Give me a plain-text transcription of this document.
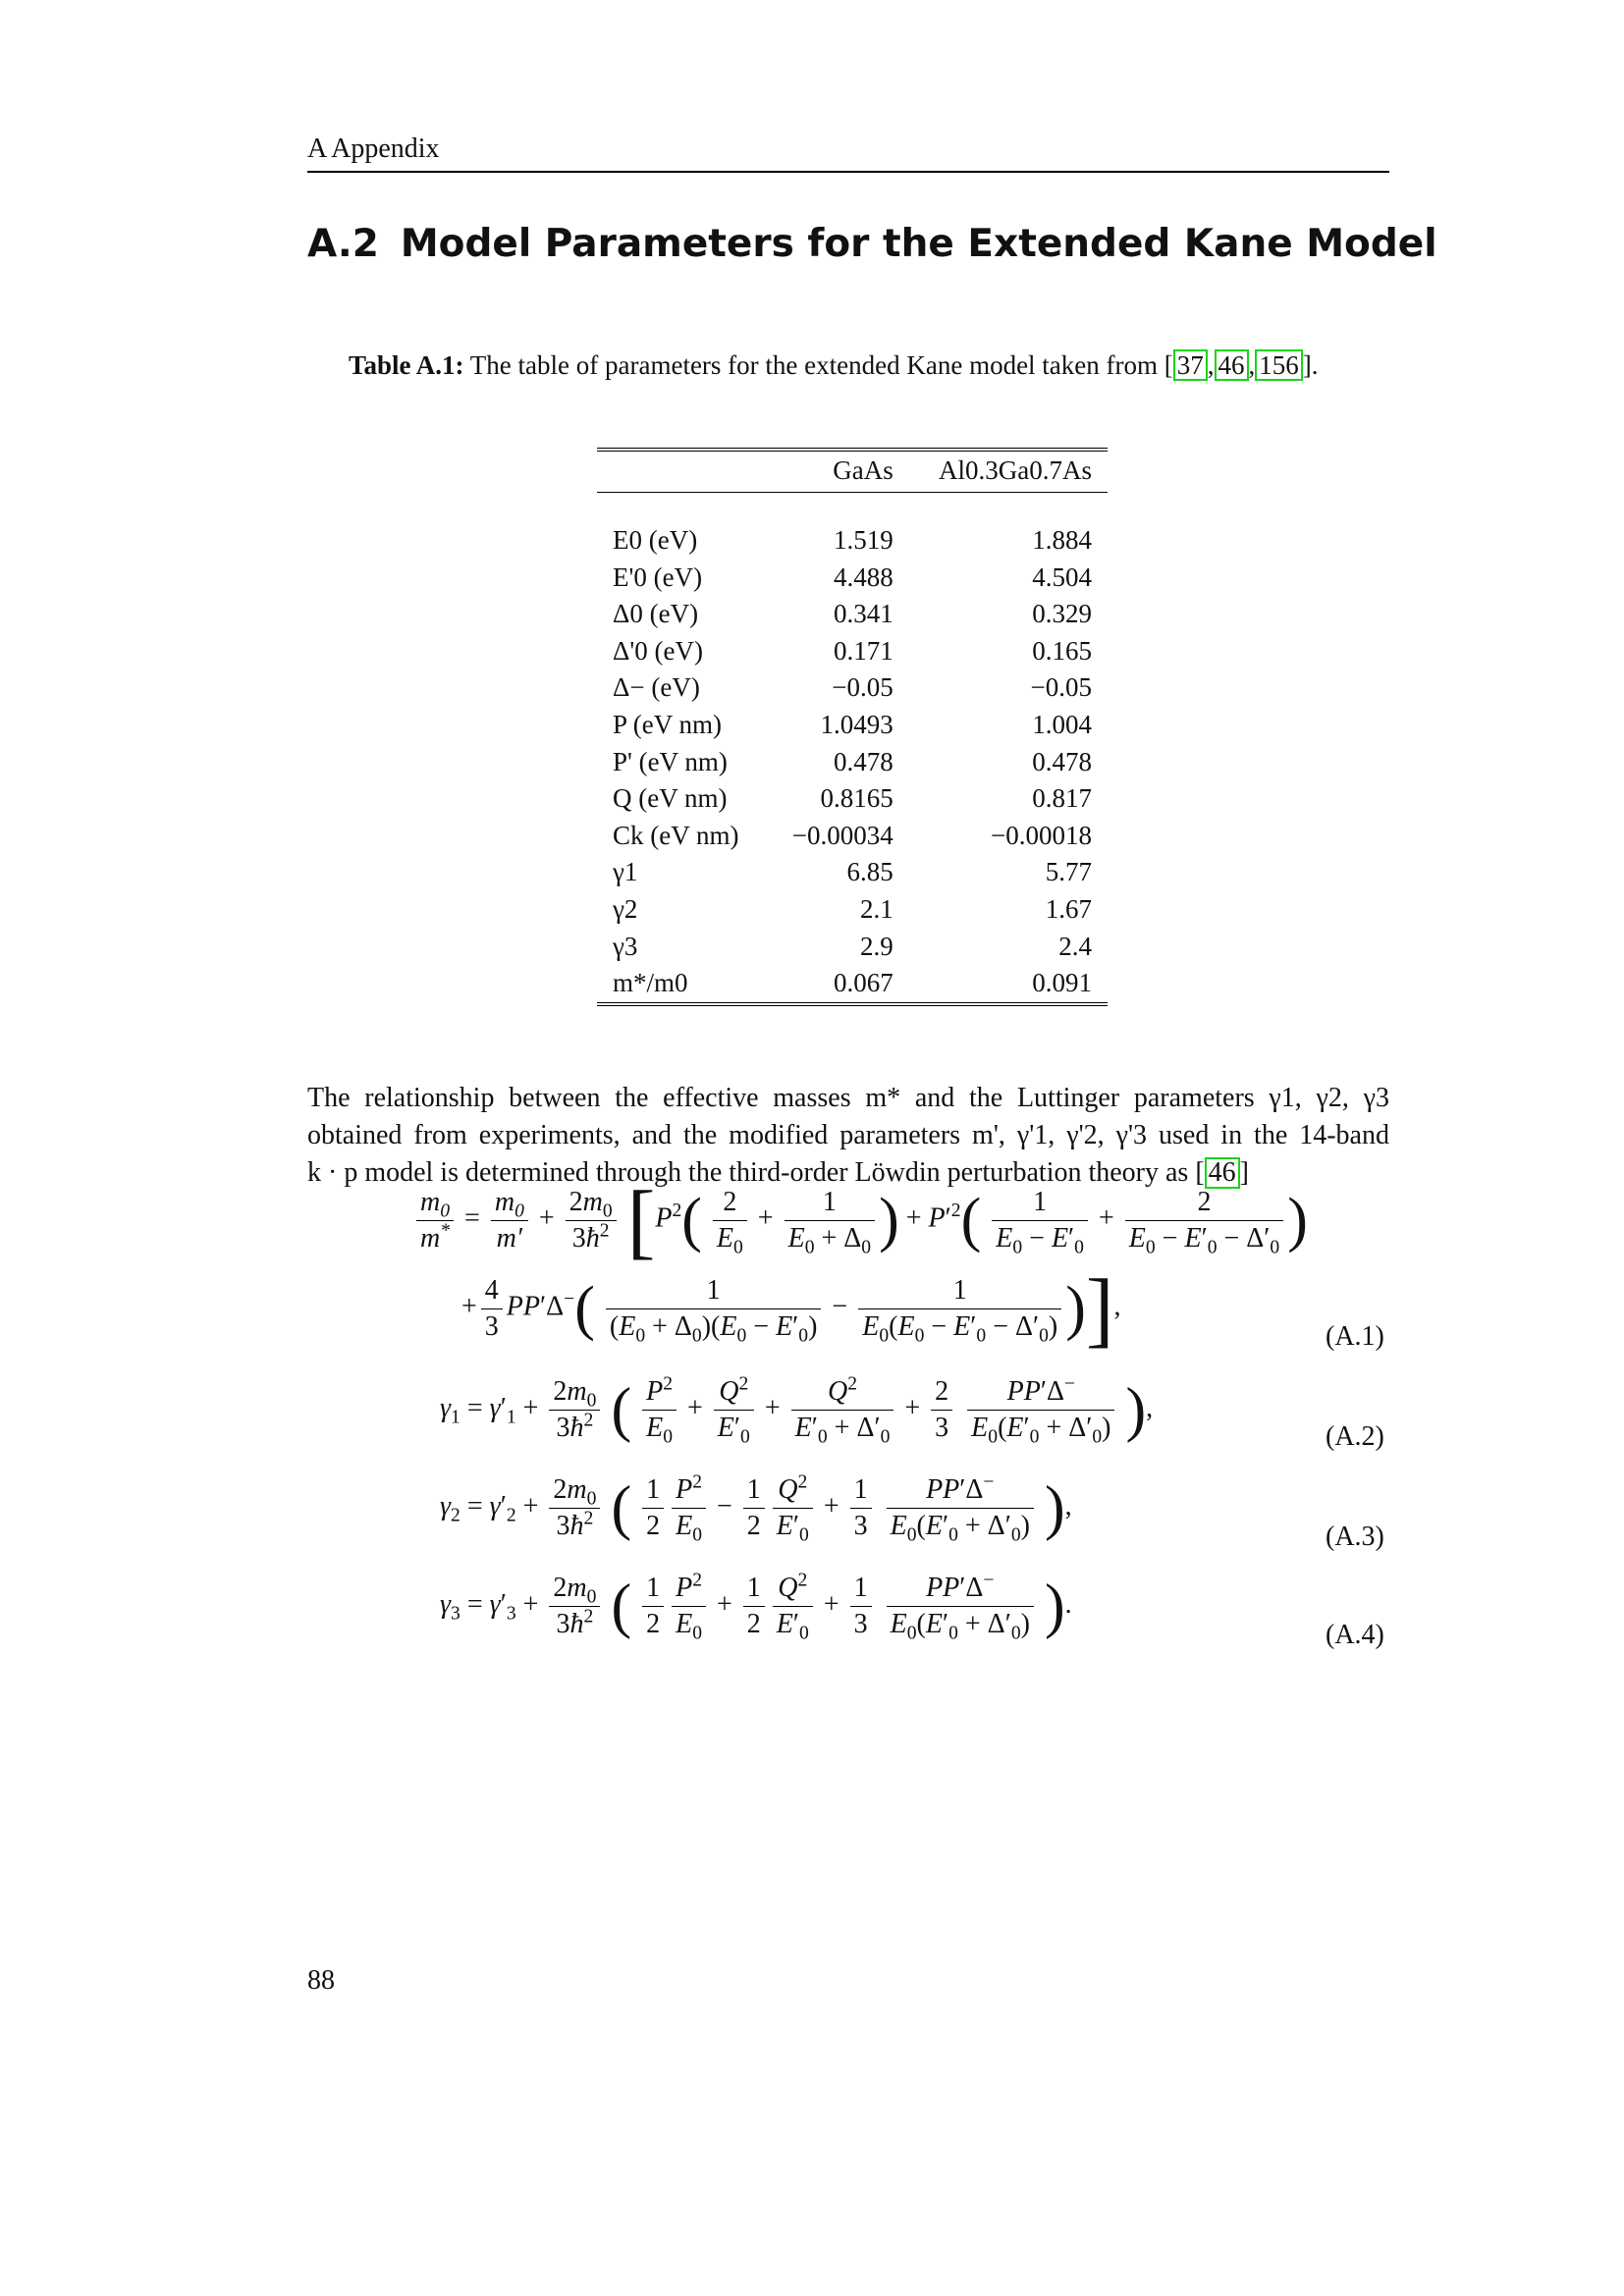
A Appendix
A.2 Model Parameters for the Extended Kane Model
Table A.1: The table of parameters for the extended Kane model taken from [ 37 , 46 , 156 ].
	GaAs	Al0.3Ga0.7As

E0 (eV)	1.519	1.884
E'0 (eV)	4.488	4.504
Δ0 (eV)	0.341	0.329
Δ'0 (eV)	0.171	0.165
Δ− (eV)	−0.05	−0.05
P (eV nm)	1.0493	1.004
P' (eV nm)	0.478	0.478
Q (eV nm)	0.8165	0.817
Ck (eV nm)	−0.00034	−0.00018
γ1	6.85	5.77
γ2	2.1	1.67
γ3	2.9	2.4
m*/m0	0.067	0.091
The relationship between the effective masses m* and the Luttinger parameters γ1, γ2, γ3
obtained from experiments, and the modified parameters m', γ'1, γ'2, γ'3 used in the 14-band
k · p model is determined through the third-order Löwdin perturbation theory as [ 46 ]
$\frac{m_0}{m^*} = \frac{m_0}{m'} + \frac{2m_0}{3ħ^2} [P^2( \frac{2}{E_0} + \frac{1}{E_0 + \Delta_0}$ ) + $P'^2( \frac{1}{E_0 - E'_0} + \frac{2}{E_0 - E'_0 - \Delta'_0}$ )
+ $\frac{4}{3} PP'\Delta^-( \frac{1}{(E_0 + \Delta_0)(E_0 - E'_0)} - \frac{1}{E_0(E_0 - E'_0 - \Delta'_0)}$ )],
(A.1)
$\gamma_1 = \gamma'_1 + \frac{2m_0}{3ħ^2}$ ( $\frac{P^2}{E_0} + \frac{Q^2}{E'_0} + \frac{Q^2}{E'_0 + \Delta'_0} + \frac{2}{3}$
$\frac{PP'\Delta^-}{E_0(E'_0 + \Delta'_0)}$ ),
(A.2)
$\gamma_2 = \gamma'_2 + \frac{2m_0}{3ħ^2}$ ( $\frac{1}{2} \frac{P^2}{E_0} - \frac{1}{2} \frac{Q^2}{E'_0} + \frac{1}{3}$
$\frac{PP'\Delta^-}{E_0(E'_0 + \Delta'_0)}$ ),
(A.3)
$\gamma_3 = \gamma'_3 + \frac{2m_0}{3ħ^2}$ ( $\frac{1}{2} \frac{P^2}{E_0} + \frac{1}{2} \frac{Q^2}{E'_0} + \frac{1}{3}$
$\frac{PP'\Delta^-}{E_0(E'_0 + \Delta'_0)}$ ).
(A.4)
88
